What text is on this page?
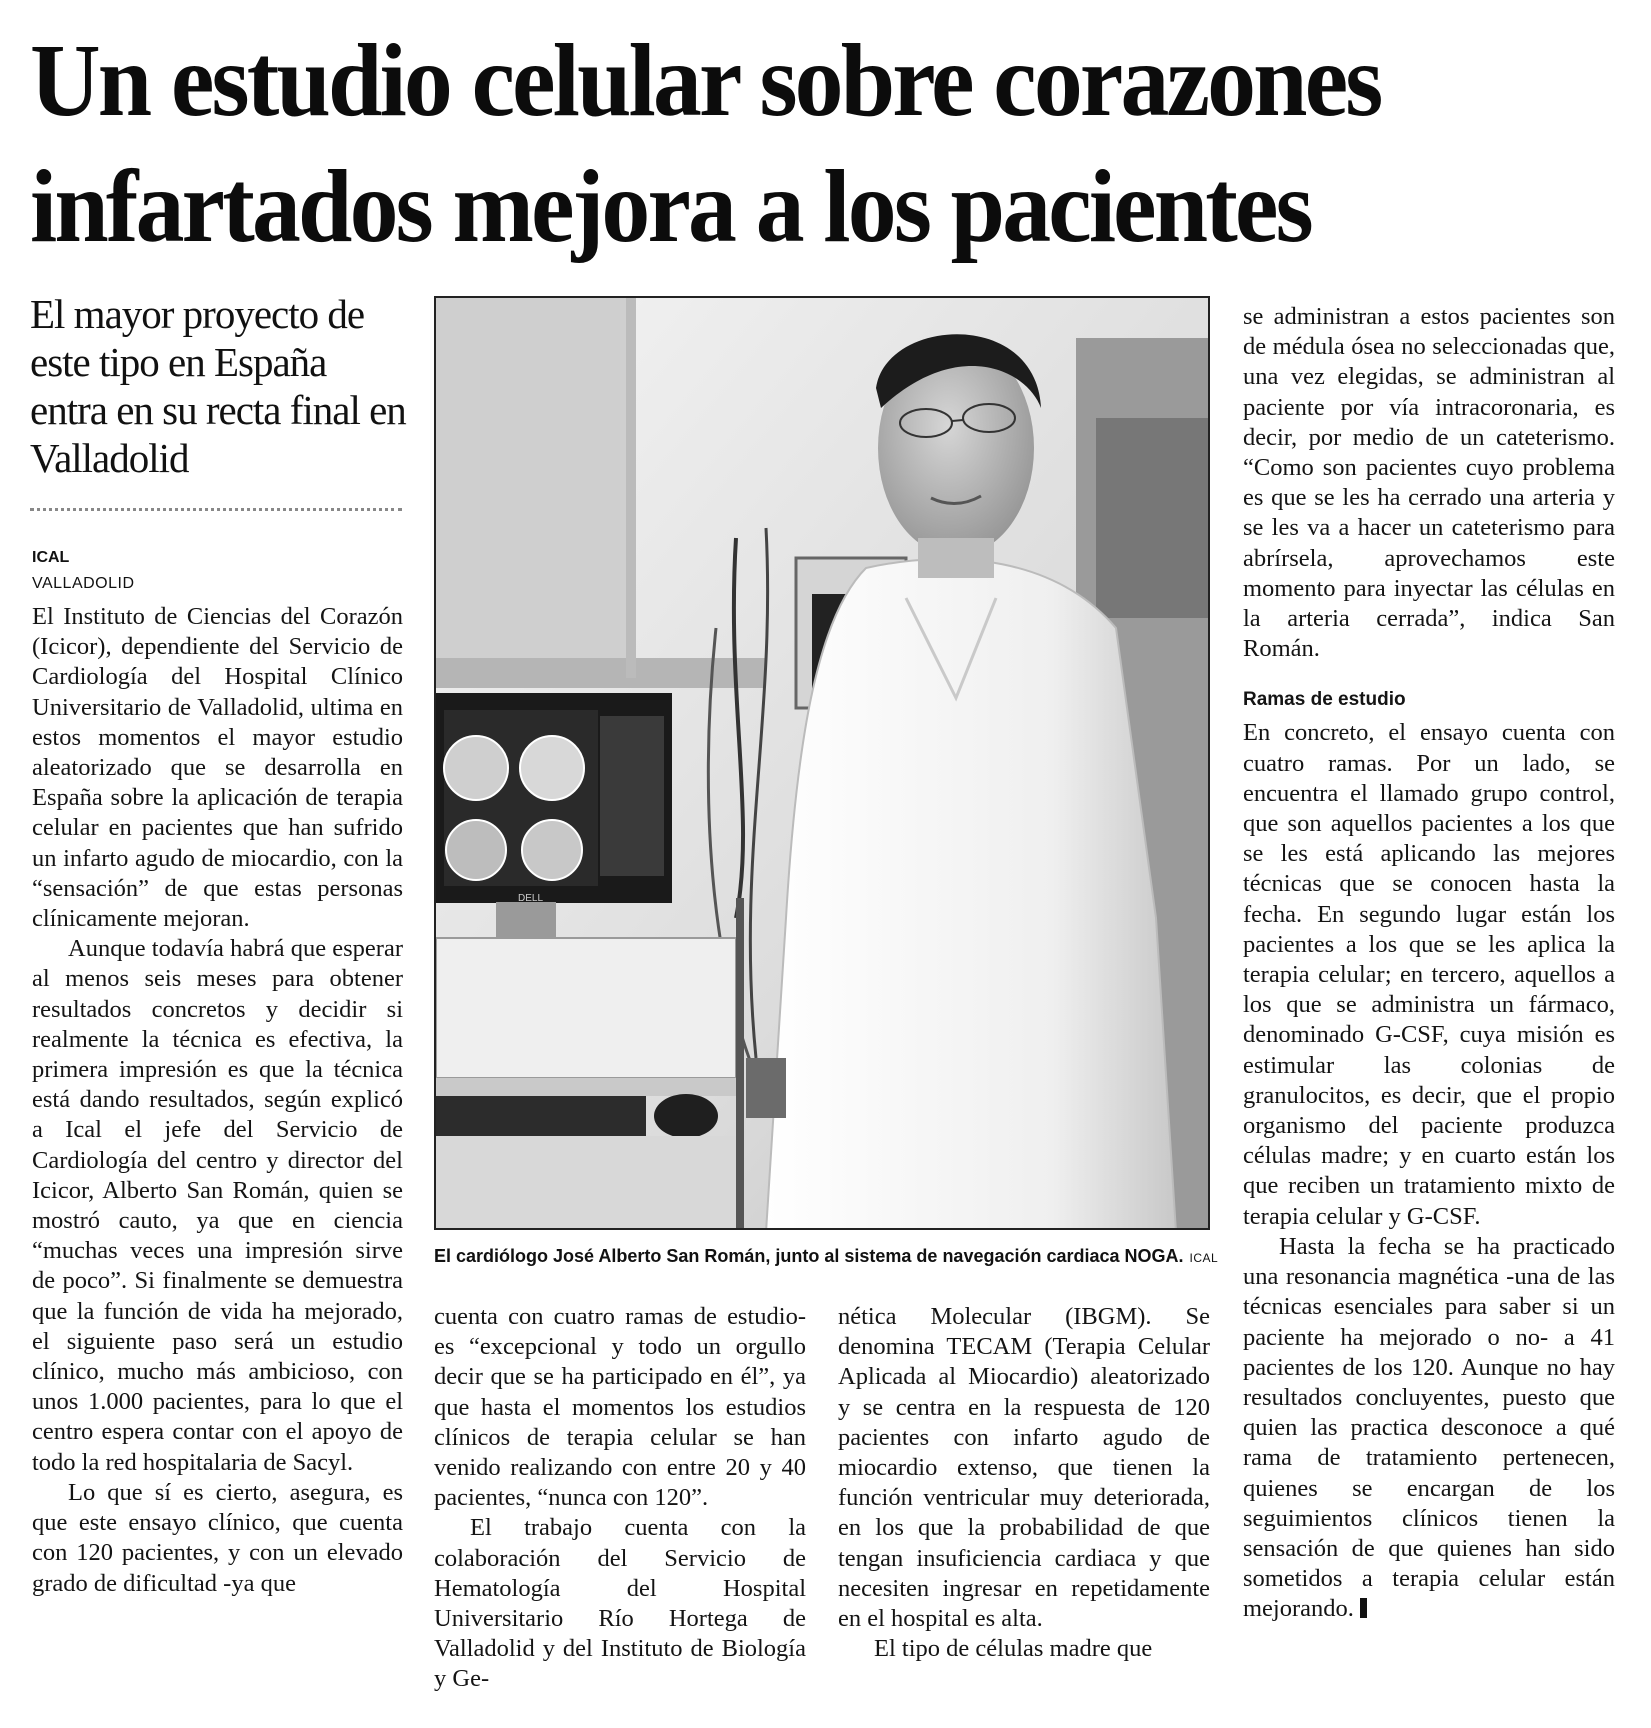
Un estudio celular sobre corazones
infartados mejora a los pacientes
El mayor proyecto de este tipo en España entra en su recta final en Valladolid

ICAL

VALLADOLID

El Instituto de Ciencias del Corazón (Icicor), dependiente del Servicio de Cardiología del Hospital Clínico Universitario de Valladolid, ultima en estos momentos el mayor estudio aleatorizado que se desarrolla en España sobre la aplicación de terapia celular en pacientes que han sufrido un infarto agudo de miocardio, con la “sensación” de que estas personas clínicamente mejoran.

Aunque todavía habrá que esperar al menos seis meses para obtener resultados concretos y decidir si realmente la técnica es efectiva, la primera impresión es que la técnica está dando resultados, según explicó a Ical el jefe del Servicio de Cardiología del centro y director del Icicor, Alberto San Román, quien se mostró cauto, ya que en ciencia “muchas veces una impresión sirve de poco”. Si finalmente se demuestra que la función de vida ha mejorado, el siguiente paso será un estudio clínico, mucho más ambicioso, con unos 1.000 pacientes, para lo que el centro espera contar con el apoyo de todo la red hospitalaria de Sacyl.

Lo que sí es cierto, asegura, es que este ensayo clínico, que cuenta con 120 pacientes, y con un elevado grado de dificultad -ya que

DELL

El cardiólogo José Alberto San Román, junto al sistema de navegación cardiaca NOGA. ICAL

cuenta con cuatro ramas de estudio- es “excepcional y todo un orgullo decir que se ha participado en él”, ya que hasta el momentos los estudios clínicos de terapia celular se han venido realizando con entre 20 y 40 pacientes, “nunca con 120”.

El trabajo cuenta con la colaboración del Servicio de Hematología del Hospital Universitario Río Hortega de Valladolid y del Instituto de Biología y Ge-

nética Molecular (IBGM). Se denomina TECAM (Terapia Celular Aplicada al Miocardio) aleatorizado y se centra en la respuesta de 120 pacientes con infarto agudo de miocardio extenso, que tienen la función ventricular muy deteriorada, en los que la probabilidad de que tengan insuficiencia cardiaca y que necesiten ingresar en repetidamente en el hospital es alta.

El tipo de células madre que

se administran a estos pacientes son de médula ósea no seleccionadas que, una vez elegidas, se administran al paciente por vía intracoronaria, es decir, por medio de un cateterismo. “Como son pacientes cuyo problema es que se les ha cerrado una arteria y se les va a hacer un cateterismo para abrírsela, aprovechamos este momento para inyectar las células en la arteria cerrada”, indica San Román.

Ramas de estudio

En concreto, el ensayo cuenta con cuatro ramas. Por un lado, se encuentra el llamado grupo control, que son aquellos pacientes a los que se les está aplicando las mejores técnicas que se conocen hasta la fecha. En segundo lugar están los pacientes a los que se les aplica la terapia celular; en tercero, aquellos a los que se administra un fármaco, denominado G-CSF, cuya misión es estimular las colonias de granulocitos, es decir, que el propio organismo del paciente produzca células madre; y en cuarto están los que reciben un tratamiento mixto de terapia celular y G-CSF.

Hasta la fecha se ha practicado una resonancia magnética -una de las técnicas esenciales para saber si un paciente ha mejorado o no- a 41 pacientes de los 120. Aunque no hay resultados concluyentes, puesto que quien las practica desconoce a qué rama de tratamiento pertenecen, quienes se encargan de los seguimientos clínicos tienen la sensación de que quienes han sido sometidos a terapia celular están mejorando.
